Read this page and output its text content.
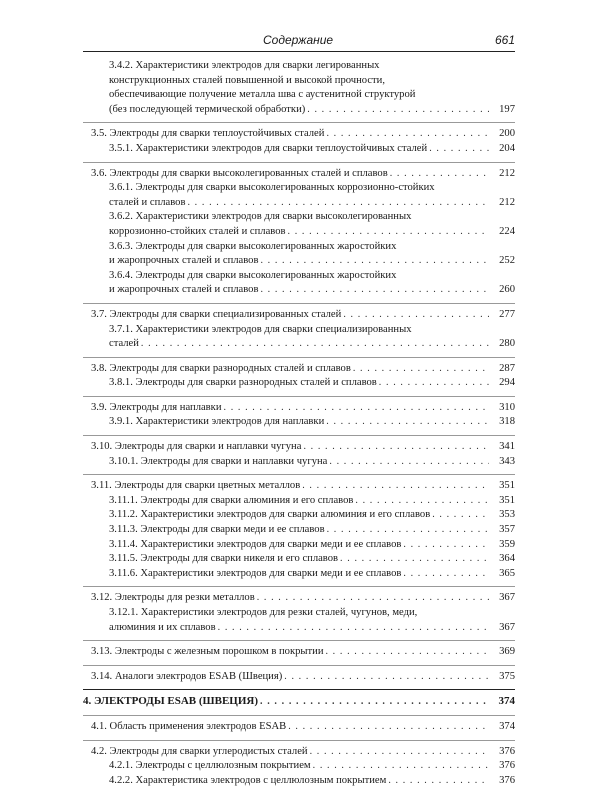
Содержание	661
3.4.2. Характеристики электродов для сварки легированных
конструкционных сталей повышенной и высокой прочности,
обеспечивающие получение металла шва с аустенитной структурой
(без последующей термической обработки) . . .	197
3.5. Электроды для сварки теплоустойчивых сталей . . .	200
3.5.1. Характеристики электродов для сварки теплоустойчивых сталей . . .	204
3.6. Электроды для сварки высоколегированных сталей и сплавов . . .	212
3.6.1. Электроды для сварки высоколегированных коррозионно-стойких
сталей и сплавов . . .	212
3.6.2. Характеристики электродов для сварки высоколегированных
коррозионно-стойких сталей и сплавов . . .	224
3.6.3. Электроды для сварки высоколегированных жаростойких
и жаропрочных сталей и сплавов . . .	252
3.6.4. Электроды для сварки высоколегированных жаростойких
и жаропрочных сталей и сплавов . . .	260
3.7. Электроды для сварки специализированных сталей . . .	277
3.7.1. Характеристики электродов для сварки специализированных
сталей . . .	280
3.8. Электроды для сварки разнородных сталей и сплавов . . .	287
3.8.1. Электроды для сварки разнородных сталей и сплавов . . .	294
3.9. Электроды для наплавки . . .	310
3.9.1. Характеристики электродов для наплавки . . .	318
3.10. Электроды для сварки и наплавки чугуна . . .	341
3.10.1. Электроды для сварки и наплавки чугуна . . .	343
3.11. Электроды для сварки цветных металлов . . .	351
3.11.1. Электроды для сварки алюминия и его сплавов . . .	351
3.11.2. Характеристики электродов для сварки алюминия и его сплавов . . .	353
3.11.3. Электроды для сварки меди и ее сплавов . . .	357
3.11.4. Характеристики электродов для сварки меди и ее сплавов . . .	359
3.11.5. Электроды для сварки никеля и его сплавов . . .	364
3.11.6. Характеристики электродов для сварки меди и ее сплавов . . .	365
3.12. Электроды для резки металлов . . .	367
3.12.1. Характеристики электродов для резки сталей, чугунов, меди,
алюминия и их сплавов . . .	367
3.13. Электроды с железным порошком в покрытии . . .	369
3.14. Аналоги электродов ESAB (Швеция) . . .	375
4. ЭЛЕКТРОДЫ ESAB (ШВЕЦИЯ) . . .	374
4.1. Область применения электродов ESAB . . .	374
4.2. Электроды для сварки углеродистых сталей . . .	376
4.2.1. Электроды с целлюлозным покрытием . . .	376
4.2.2. Характеристика электродов с целлюлозным покрытием . . .	376
